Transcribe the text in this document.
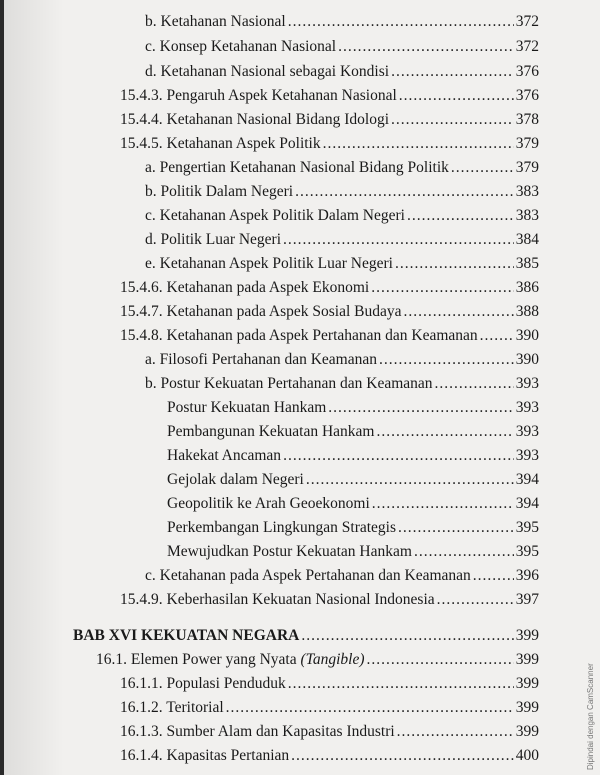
b. Ketahanan Nasional .....	372
c. Konsep Ketahanan Nasional .....	372
d. Ketahanan Nasional sebagai Kondisi .....	376
15.4.3. Pengaruh Aspek Ketahanan Nasional .....	376
15.4.4. Ketahanan Nasional Bidang Idologi .....	378
15.4.5. Ketahanan Aspek Politik .....	379
a. Pengertian Ketahanan Nasional Bidang Politik .....	379
b. Politik Dalam Negeri .....	383
c. Ketahanan Aspek Politik Dalam Negeri .....	383
d. Politik Luar Negeri .....	384
e. Ketahanan Aspek Politik Luar Negeri .....	385
15.4.6. Ketahanan pada Aspek Ekonomi .....	386
15.4.7. Ketahanan pada Aspek Sosial Budaya .....	388
15.4.8. Ketahanan pada Aspek Pertahanan dan Keamanan ..... 390
a. Filosofi Pertahanan dan Keamanan .....	390
b. Postur Kekuatan Pertahanan dan Keamanan .....	393
Postur Kekuatan Hankam .....	393
Pembangunan Kekuatan Hankam .....	393
Hakekat Ancaman .....	393
Gejolak dalam Negeri .....	394
Geopolitik ke Arah Geoekonomi .....	394
Perkembangan Lingkungan Strategis .....	395
Mewujudkan Postur Kekuatan Hankam .....	395
c. Ketahanan pada Aspek Pertahanan dan Keamanan .....	396
15.4.9. Keberhasilan Kekuatan Nasional Indonesia .....	397
BAB XVI KEKUATAN NEGARA .....	399
16.1. Elemen Power yang Nyata (Tangible) .....	399
16.1.1. Populasi Penduduk .....	399
16.1.2. Teritorial .....	399
16.1.3. Sumber Alam dan Kapasitas Industri .....	399
16.1.4. Kapasitas Pertanian .....	400	Dipindai dengan CamScanner
